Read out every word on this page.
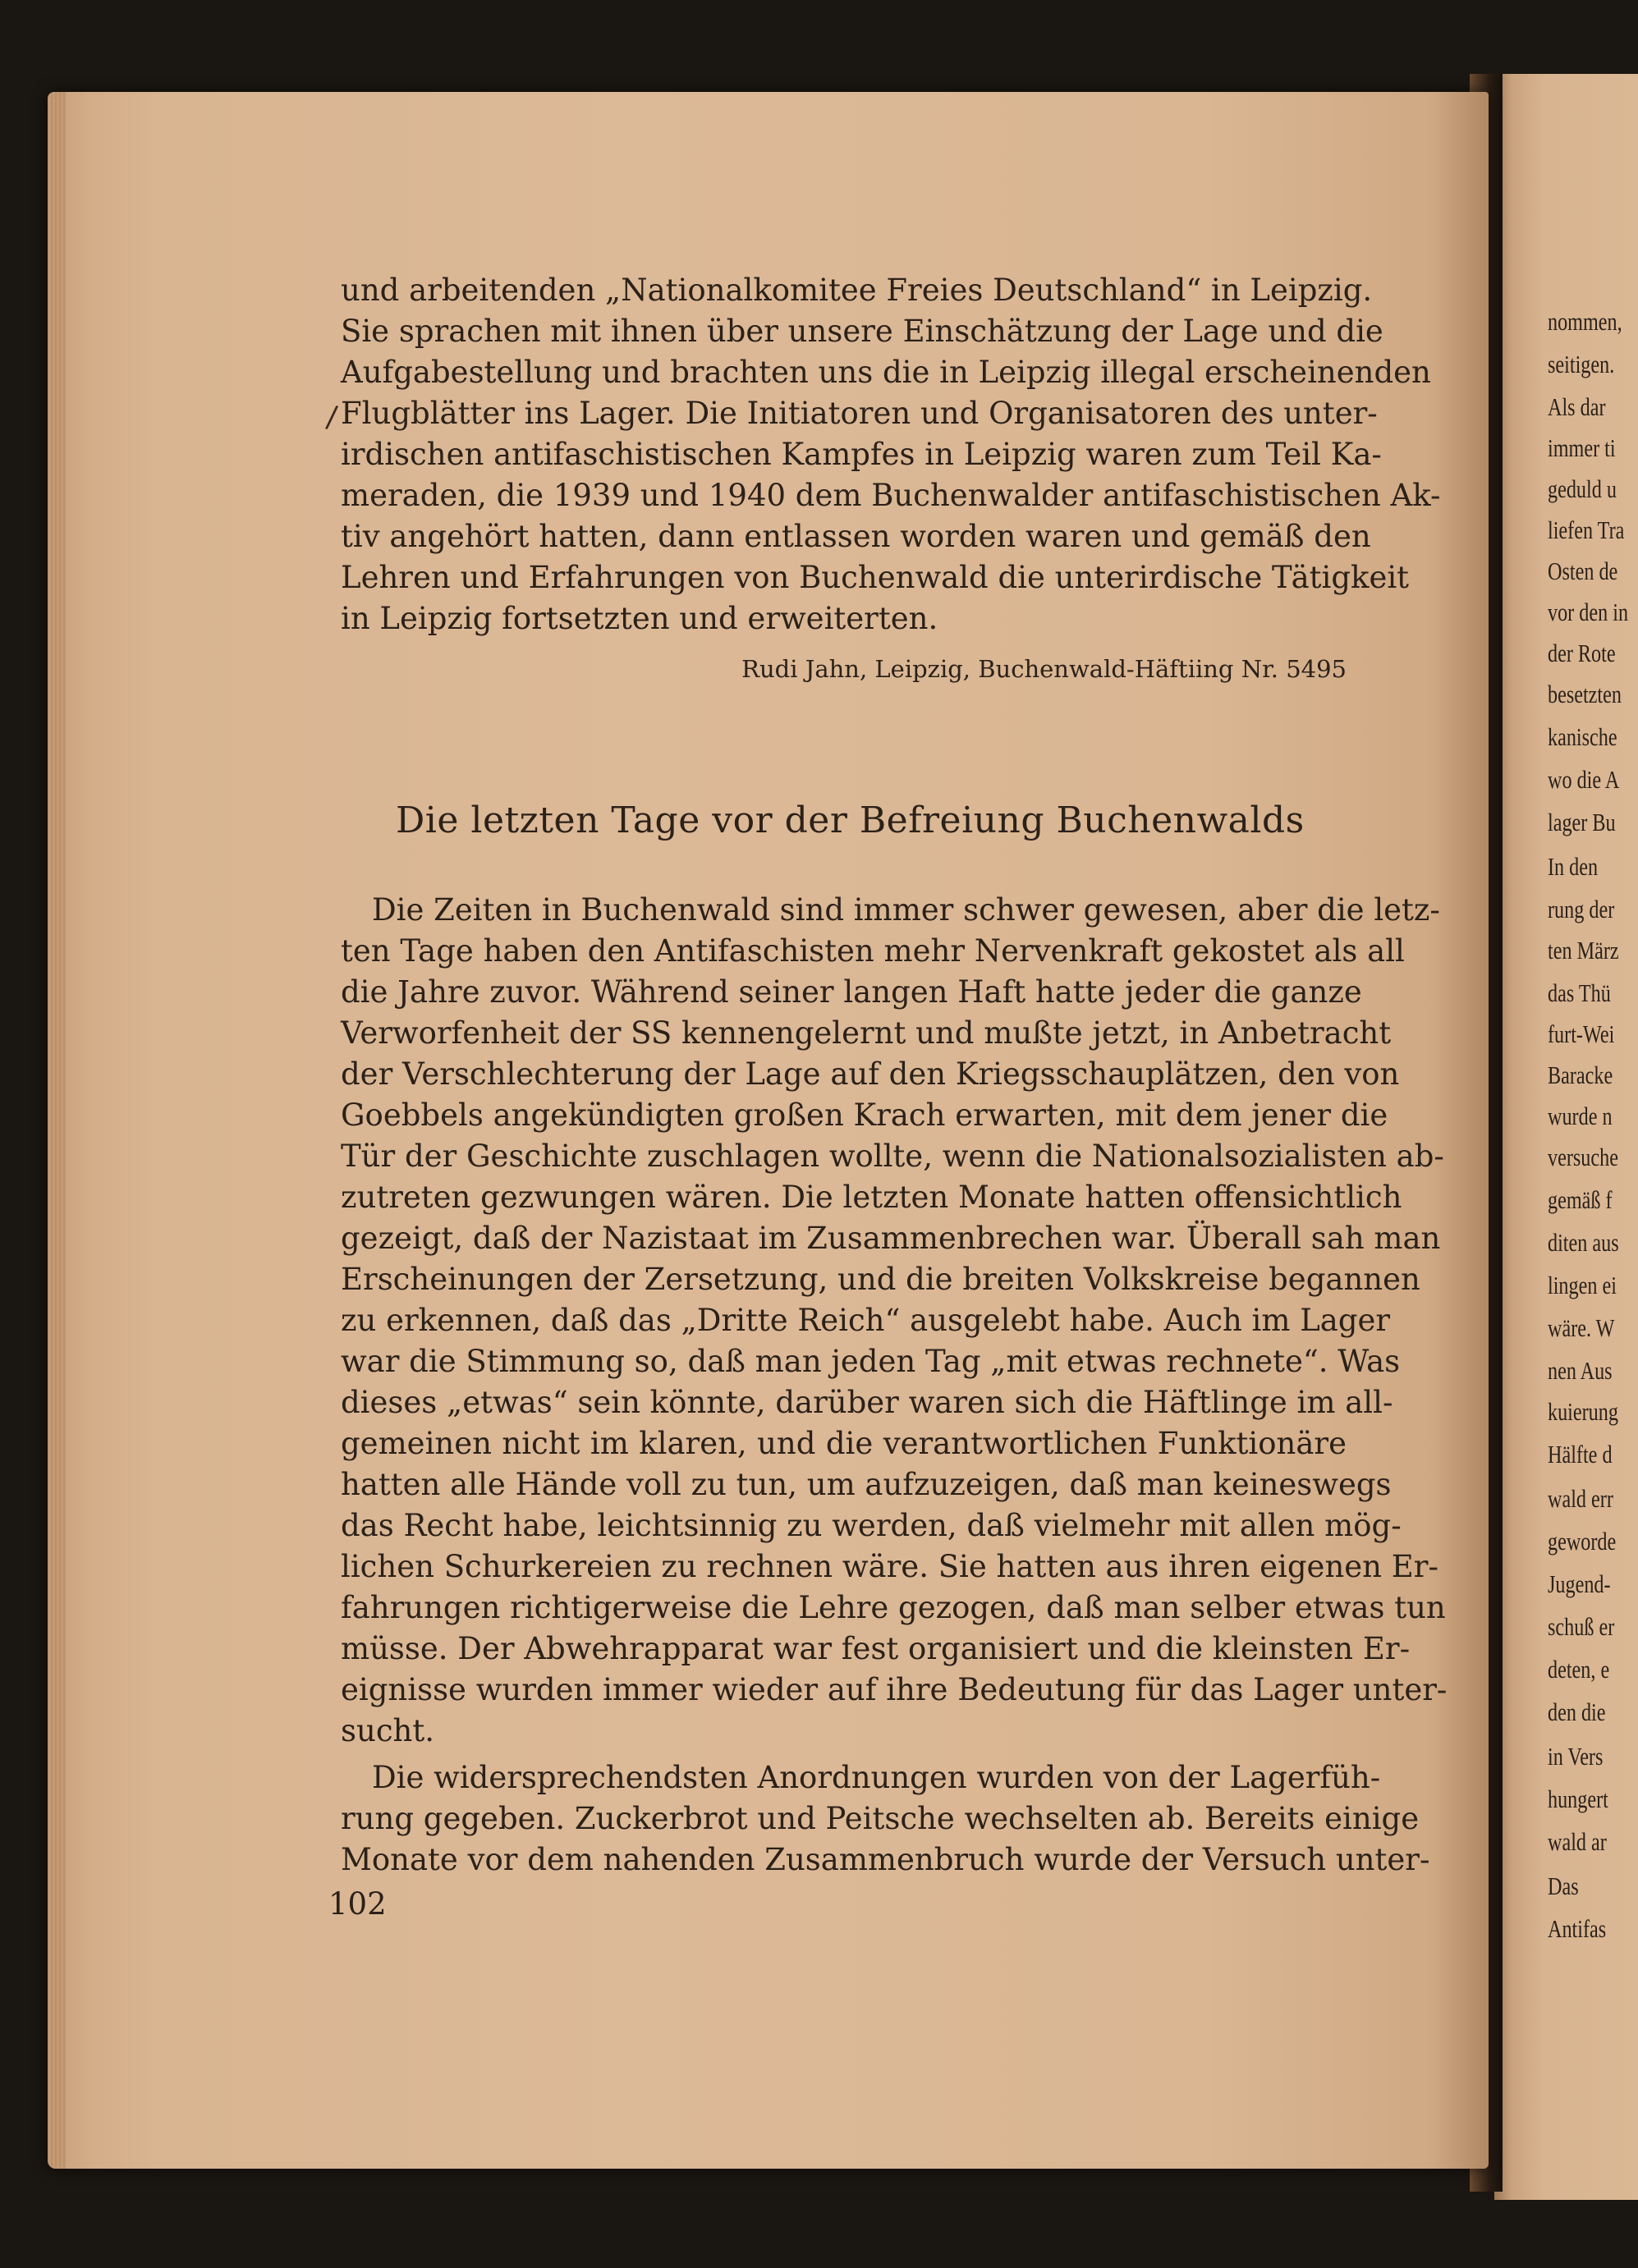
/
und arbeitenden „Nationalkomitee Freies Deutschland“ in Leipzig.
Sie sprachen mit ihnen über unsere Einschätzung der Lage und die
Aufgabestellung und brachten uns die in Leipzig illegal erscheinenden
Flugblätter ins Lager. Die Initiatoren und Organisatoren des unter-
irdischen antifaschistischen Kampfes in Leipzig waren zum Teil Ka-
meraden, die 1939 und 1940 dem Buchenwalder antifaschistischen Ak-
tiv angehört hatten, dann entlassen worden waren und gemäß den
Lehren und Erfahrungen von Buchenwald die unterirdische Tätigkeit
in Leipzig fortsetzten und erweiterten.
Rudi Jahn, Leipzig, Buchenwald-Häftiing Nr. 5495
Die Zeiten in Buchenwald sind immer schwer gewesen, aber die letz-
ten Tage haben den Antifaschisten mehr Nervenkraft gekostet als all
die Jahre zuvor. Während seiner langen Haft hatte jeder die ganze
Verworfenheit der SS kennengelernt und mußte jetzt, in Anbetracht
der Verschlechterung der Lage auf den Kriegsschauplätzen, den von
Goebbels angekündigten großen Krach erwarten, mit dem jener die
Tür der Geschichte zuschlagen wollte, wenn die Nationalsozialisten ab-
zutreten gezwungen wären. Die letzten Monate hatten offensichtlich
gezeigt, daß der Nazistaat im Zusammenbrechen war. Überall sah man
Erscheinungen der Zersetzung, und die breiten Volkskreise begannen
zu erkennen, daß das „Dritte Reich“ ausgelebt habe. Auch im Lager
war die Stimmung so, daß man jeden Tag „mit etwas rechnete“. Was
dieses „etwas“ sein könnte, darüber waren sich die Häftlinge im all-
gemeinen nicht im klaren, und die verantwortlichen Funktionäre
hatten alle Hände voll zu tun, um aufzuzeigen, daß man keineswegs
das Recht habe, leichtsinnig zu werden, daß vielmehr mit allen mög-
lichen Schurkereien zu rechnen wäre. Sie hatten aus ihren eigenen Er-
fahrungen richtigerweise die Lehre gezogen, daß man selber etwas tun
müsse. Der Abwehrapparat war fest organisiert und die kleinsten Er-
eignisse wurden immer wieder auf ihre Bedeutung für das Lager unter-
sucht.
Die widersprechendsten Anordnungen wurden von der Lagerfüh-
rung gegeben. Zuckerbrot und Peitsche wechselten ab. Bereits einige
Monate vor dem nahenden Zusammenbruch wurde der Versuch unter-
Die letzten Tage vor der Befreiung Buchenwalds
102
nommen,
seitigen.
Als dar
immer ti
geduld u
liefen Tra
Osten de
vor den in
der Rote
besetzten
kanische
wo die A
lager Bu
In den
rung der
ten März
das Thü
furt-Wei
Baracke
wurde n
versuche
gemäß f
diten aus
lingen ei
wäre. W
nen Aus
kuierung
Hälfte d
wald err
geworde
Jugend-
schuß er
deten, e
den die
in Vers
hungert
wald ar
Das
Antifas
